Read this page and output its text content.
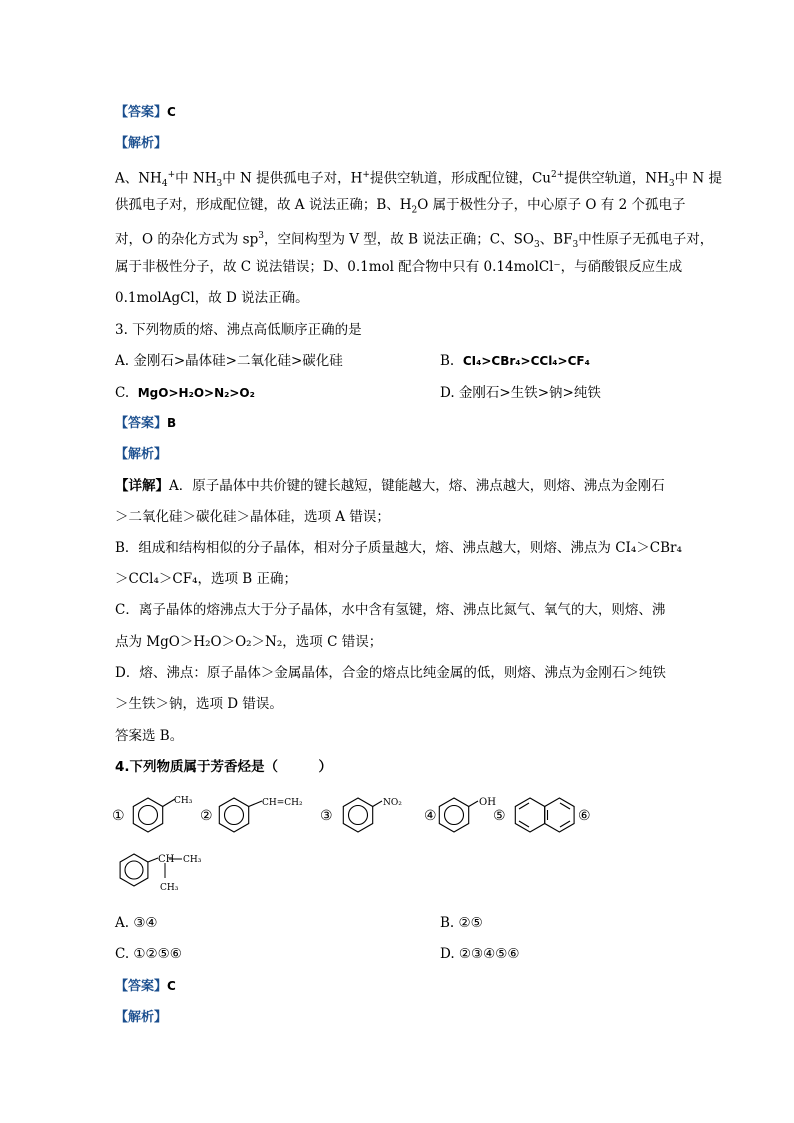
【答案】C
【解析】
A、$NH_4^+$中 $NH_3$中 N 提供孤电子对，H+提供空轨道，形成配位键，$Cu^{2+}$提供空轨道，$NH_3$中 N 提
供孤电子对，形成配位键，故 A 说法正确；B、$H_2O$ 属于极性分子，中心原子 O 有 2 个孤电子
对，O 的杂化方式为 $sp^3$，空间构型为 V 型，故 B 说法正确；C、$SO_3$、$BF_3$中性原子无孤电子对，
属于非极性分子，故 C 说法错误；D、0.1mol 配合物中只有 0.14molCl⁻，与硝酸银反应生成
0.1molAgCl，故 D 说法正确。
3. 下列物质的熔、沸点高低顺序正确的是
A. 金刚石>晶体硅>二氧化硅>碳化硅	B. CI₄>CBr₄>CCl₄>CF₄
C. MgO>H₂O>N₂>O₂	D. 金刚石>生铁>钠>纯铁
【答案】B
【解析】
【详解】A．原子晶体中共价键的键长越短，键能越大，熔、沸点越大，则熔、沸点为金刚石
＞二氧化硅＞碳化硅＞晶体硅，选项 A 错误；
B．组成和结构相似的分子晶体，相对分子质量越大，熔、沸点越大，则熔、沸点为 CI₄＞CBr₄
＞CCl₄＞CF₄，选项 B 正确；
C．离子晶体的熔沸点大于分子晶体，水中含有氢键，熔、沸点比氮气、氧气的大，则熔、沸
点为 MgO＞H₂O＞O₂＞N₂，选项 C 错误；
D．熔、沸点：原子晶体＞金属晶体，合金的熔点比纯金属的低，则熔、沸点为金刚石＞纯铁
＞生铁＞钠，选项 D 错误。
答案选 B。
4.下列物质属于芳香烃是（　　　）
①
CH₃
②
CH=CH₂
③
NO₂
④
OH
⑤	⑥
CH CH₃
CH₃
A. ③④	B. ②⑤
C. ①②⑤⑥	D. ②③④⑤⑥
【答案】C
【解析】
